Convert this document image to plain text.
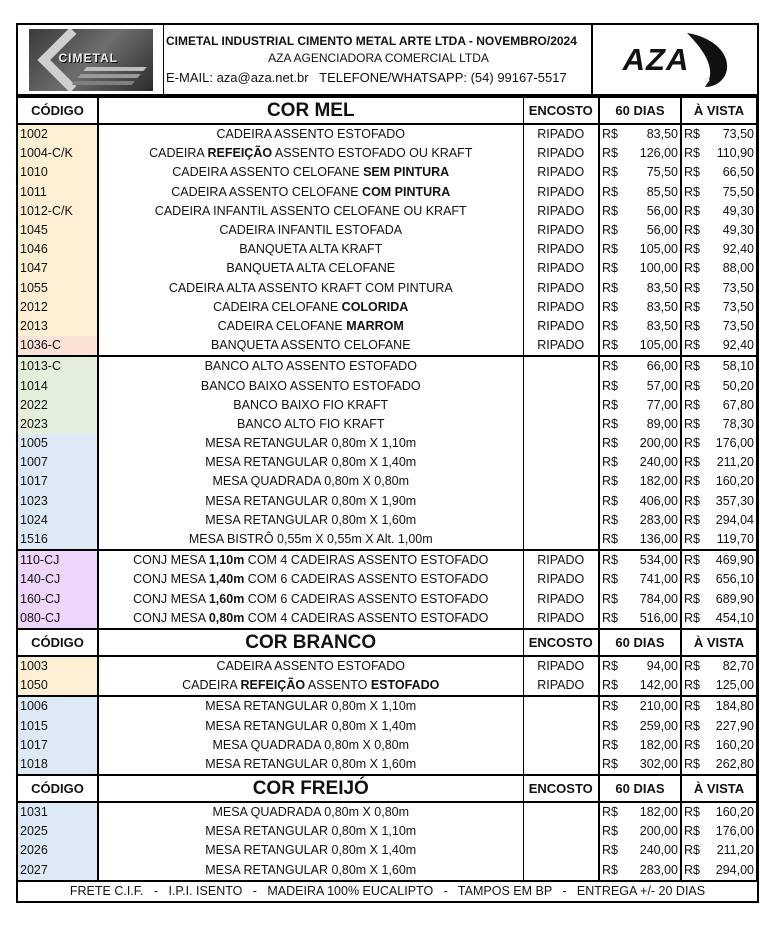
CIMETAL
CIMETAL INDUSTRIAL CIMENTO METAL ARTE LTDA - NOVEMBRO/2024
AZA AGENCIADORA COMERCIAL LTDA
E-MAIL: aza@aza.net.br   TELEFONE/WHATSAPP: (54) 99167-5517
AZA
CÓDIGO	COR MEL	ENCOSTO	60 DIAS	À VISTA
1002	CADEIRA ASSENTO ESTOFADO	RIPADO	R$ 83,50	R$ 73,50

1004-C/K	CADEIRA REFEIÇÃO ASSENTO ESTOFADO OU KRAFT	RIPADO	R$ 126,00	R$ 110,90

1010	CADEIRA ASSENTO CELOFANE SEM PINTURA	RIPADO	R$ 75,50	R$ 66,50

1011	CADEIRA ASSENTO CELOFANE COM PINTURA	RIPADO	R$ 85,50	R$ 75,50

1012-C/K	CADEIRA INFANTIL ASSENTO CELOFANE OU KRAFT	RIPADO	R$ 56,00	R$ 49,30

1045	CADEIRA INFANTIL ESTOFADA	RIPADO	R$ 56,00	R$ 49,30

1046	BANQUETA ALTA KRAFT	RIPADO	R$ 105,00	R$ 92,40

1047	BANQUETA ALTA CELOFANE	RIPADO	R$ 100,00	R$ 88,00

1055	CADEIRA ALTA ASSENTO KRAFT COM PINTURA	RIPADO	R$ 83,50	R$ 73,50

2012	CADEIRA CELOFANE COLORIDA	RIPADO	R$ 83,50	R$ 73,50

2013	CADEIRA CELOFANE MARROM	RIPADO	R$ 83,50	R$ 73,50

1036-C	BANQUETA ASSENTO CELOFANE	RIPADO	R$ 105,00	R$ 92,40

1013-C	BANCO ALTO ASSENTO ESTOFADO		R$ 66,00	R$ 58,10

1014	BANCO BAIXO ASSENTO ESTOFADO		R$ 57,00	R$ 50,20

2022	BANCO BAIXO FIO KRAFT		R$ 77,00	R$ 67,80

2023	BANCO ALTO FIO KRAFT		R$ 89,00	R$ 78,30

1005	MESA RETANGULAR 0,80m X 1,10m		R$ 200,00	R$ 176,00

1007	MESA RETANGULAR 0,80m X 1,40m		R$ 240,00	R$ 211,20

1017	MESA QUADRADA 0,80m X 0,80m		R$ 182,00	R$ 160,20

1023	MESA RETANGULAR 0,80m X 1,90m		R$ 406,00	R$ 357,30

1024	MESA RETANGULAR 0,80m X 1,60m		R$ 283,00	R$ 294,04

1516	MESA BISTRÔ 0,55m X 0,55m X Alt. 1,00m		R$ 136,00	R$ 119,70

110-CJ	CONJ MESA 1,10m COM 4 CADEIRAS ASSENTO ESTOFADO	RIPADO	R$ 534,00	R$ 469,90

140-CJ	CONJ MESA 1,40m COM 6 CADEIRAS ASSENTO ESTOFADO	RIPADO	R$ 741,00	R$ 656,10

160-CJ	CONJ MESA 1,60m COM 6 CADEIRAS ASSENTO ESTOFADO	RIPADO	R$ 784,00	R$ 689,90

080-CJ	CONJ MESA 0,80m COM 4 CADEIRAS ASSENTO ESTOFADO	RIPADO	R$ 516,00	R$ 454,10

CÓDIGO	COR BRANCO	ENCOSTO	60 DIAS	À VISTA
1003	CADEIRA ASSENTO ESTOFADO	RIPADO	R$ 94,00	R$ 82,70

1050	CADEIRA REFEIÇÃO ASSENTO ESTOFADO	RIPADO	R$ 142,00	R$ 125,00

1006	MESA RETANGULAR 0,80m X 1,10m		R$ 210,00	R$ 184,80

1015	MESA RETANGULAR 0,80m X 1,40m		R$ 259,00	R$ 227,90

1017	MESA QUADRADA 0,80m X 0,80m		R$ 182,00	R$ 160,20

1018	MESA RETANGULAR 0,80m X 1,60m		R$ 302,00	R$ 262,80

CÓDIGO	COR FREIJÓ	ENCOSTO	60 DIAS	À VISTA
1031	MESA QUADRADA 0,80m X 0,80m		R$ 182,00	R$ 160,20

2025	MESA RETANGULAR 0,80m X 1,10m		R$ 200,00	R$ 176,00

2026	MESA RETANGULAR 0,80m X 1,40m		R$ 240,00	R$ 211,20

2027	MESA RETANGULAR 0,80m X 1,60m		R$ 283,00	R$ 294,00

FRETE C.I.F.   -   I.P.I. ISENTO   -   MADEIRA 100% EUCALIPTO   -   TAMPOS EM BP   -   ENTREGA +/- 20 DIAS				
